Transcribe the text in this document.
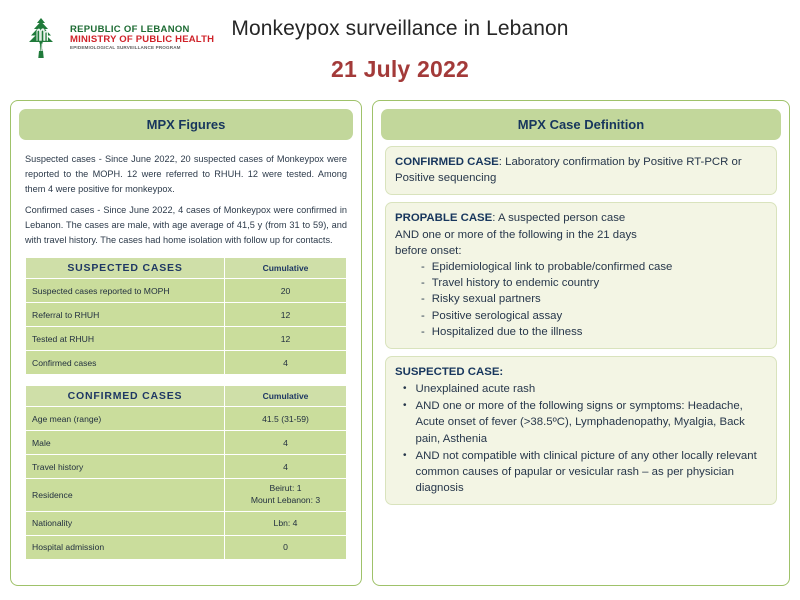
REPUBLIC OF LEBANON
MINISTRY OF PUBLIC HEALTH
EPIDEMIOLOGICAL SURVEILLANCE PROGRAM
Monkeypox surveillance in Lebanon
21 July 2022
MPX Figures

Suspected cases - Since June 2022, 20 suspected cases of Monkeypox were reported to the MOPH. 12 were referred to RHUH. 12 were tested. Among them 4 were positive for monkeypox.

Confirmed cases - Since June 2022, 4 cases of Monkeypox were confirmed in Lebanon. The cases are male, with age average of 41,5 y (from 31 to 59), and with travel history. The cases had home isolation with follow up for contacts.

SUSPECTED CASES	Cumulative
Suspected cases reported to MOPH	20
Referral to RHUH	12
Tested at RHUH	12
Confirmed cases	4
CONFIRMED CASES	Cumulative
Age mean (range)	41.5 (31-59)
Male	4
Travel history	4
Residence	Beirut: 1
Mount Lebanon: 3

Nationality	Lbn: 4
Hospital admission	0
MPX Case Definition
CONFIRMED CASE: Laboratory confirmation by Positive RT-PCR or Positive sequencing
PROPABLE CASE: A suspected person case
AND one or more of the following in the 21 days
before onset:
- Epidemiological link to probable/confirmed case
- Travel history to endemic country
- Risky sexual partners
- Positive serological assay
- Hospitalized due to the illness
SUSPECTED CASE:
• Unexplained acute rash
• AND one or more of the following signs or symptoms: Headache, Acute onset of fever (>38.5ºC), Lymphadenopathy, Myalgia, Back pain, Asthenia
• AND not compatible with clinical picture of any other locally relevant common causes of papular or vesicular rash – as per physician diagnosis
